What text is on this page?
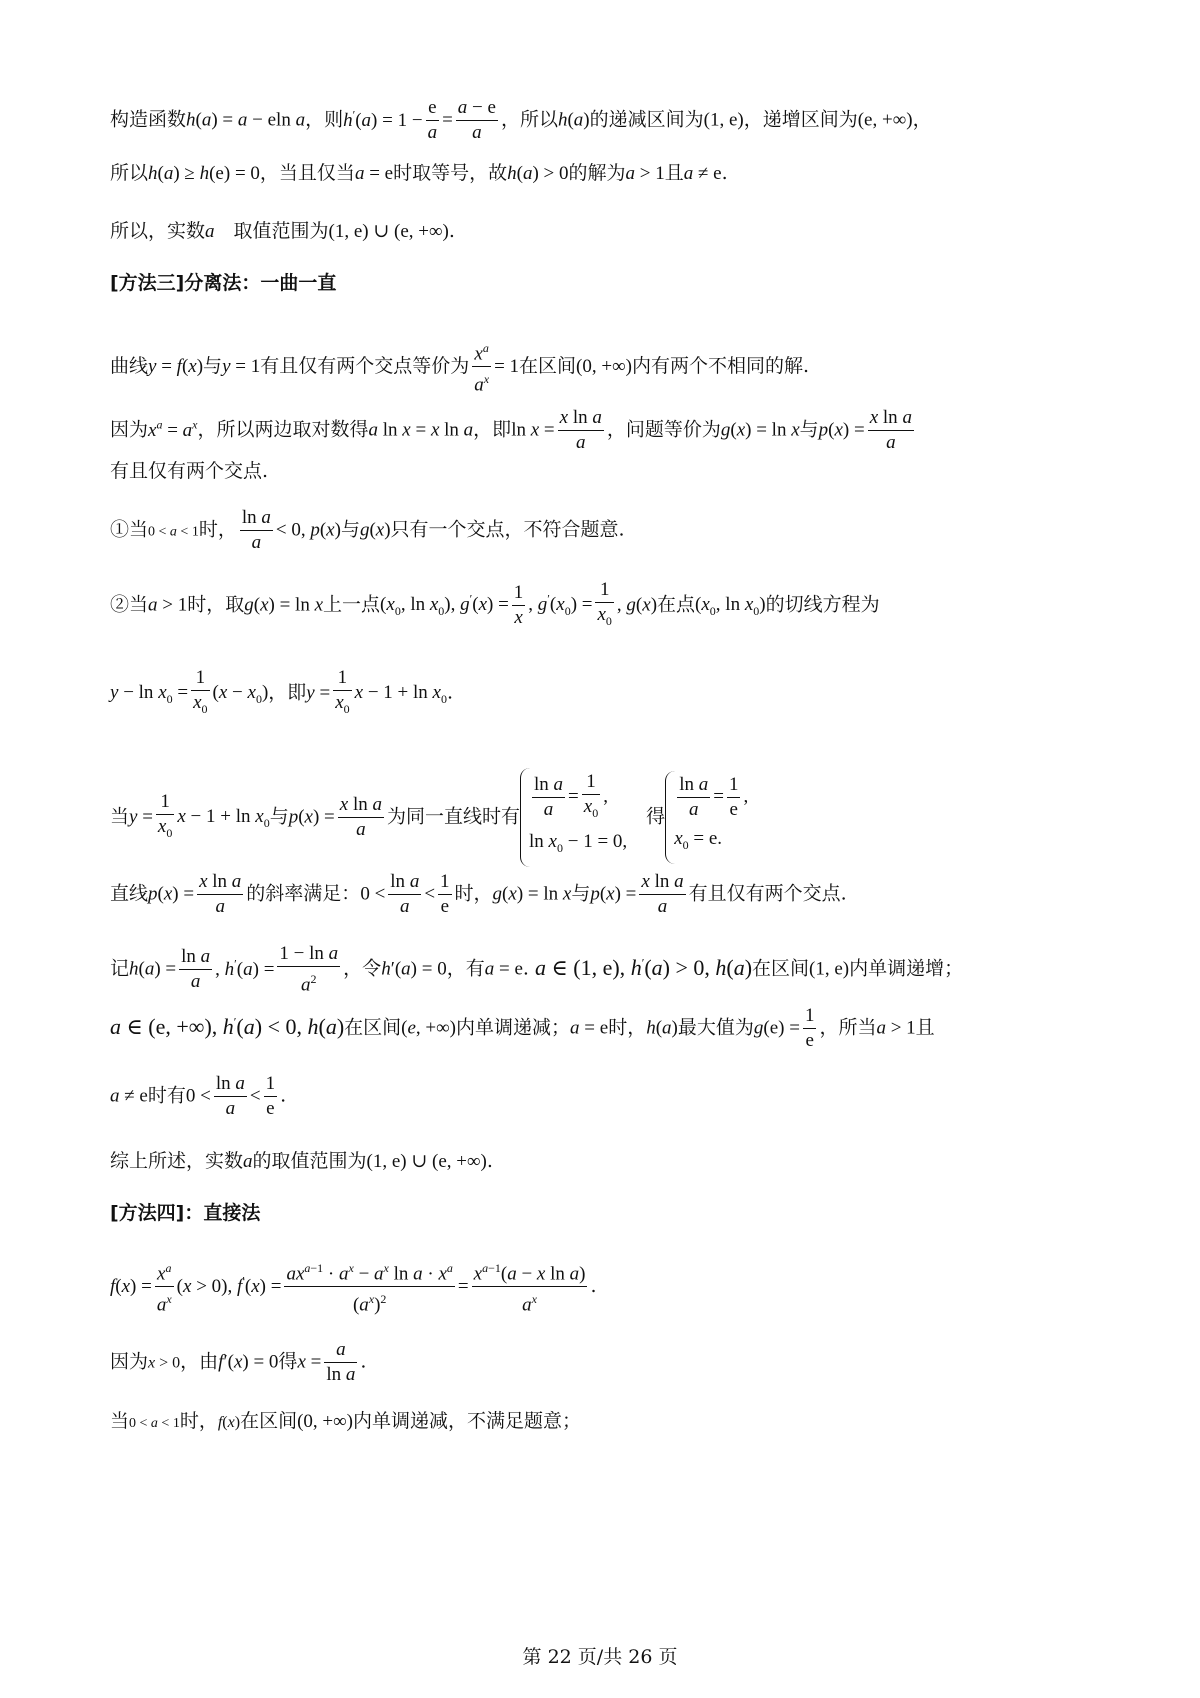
构造函数h(a) = a − eln a，则$h'(a) = 1 - \frac{e}{a} = \frac{a - e}{a}$ ，所以h(a)的递减区间为(1, e)，递增区间为(e, +∞)，
所以h(a) ≥ h(e) = 0，当且仅当a = e时取等号，故h(a) > 0的解为a > 1且a ≠ e.
所以，实数a　取值范围为(1, e) ∪ (e, +∞).
[方法三]分离法：一曲一直
曲线y = f(x)与y = 1有且仅有两个交点等价为 $\frac{x^a}{a^x} = 1$在区间(0, +∞)内有两个不相同的解.
因为$x^a = a^x$，所以两边取对数得a ln x = x ln a，即$\ln x = \frac{\text{x ln a}}{a}$ ，问题等价为g(x) = ln x与$p(x) = \frac{\text{x ln a}}{a}$
有且仅有两个交点.
①当0 < a < 1时， $\frac{\text{ln a}}{a} < 0$, p(x)与g(x)只有一个交点，不符合题意.
②当a > 1时，取g(x) = ln x上一点($x_0$, $\ln x_0$), $g'(x) = \frac{1}{x}$ , $g'(x_0) = \frac{1}{x_0}$ , g(x)在点($x_0$, $\ln x_0$)的切线方程为
$y - \ln x_0 = \frac{1}{x_0} (x - x_0)$，即$y = \frac{1}{x_0}$ $x - 1 + \ln x_0$.
当$y = \frac{1}{x_0}$ $x - 1 + \ln x_0$与$p(x) = \frac{\text{x ln a}}{a}$ 为同一直线时有 $\frac{\text{ln a}}{a} = \frac{1}{x_0}$ ,
$\ln x_0 - 1 = 0$,
　得 $\frac{\text{ln a}}{a} = \frac{1}{e}$ ,
$x_0 = e$.
直线$p(x) = \frac{\text{x ln a}}{a}$ 的斜率满足：$0 < \frac{\text{ln a}}{a} < \frac{1}{e}$ 时，g(x) = ln x与$p(x) = \frac{\text{x ln a}}{a}$ 有且仅有两个交点.
记$h(a) = \frac{\text{ln a}}{a}$ , $h'(a) = \frac{\text{1 − ln a}}{a^2}$ ，令h′(a) = 0，有a = e. a ∈ (1, e), h′(a) > 0, h(a)在区间(1, e)内单调递增；
a ∈ (e, +∞), h′(a) < 0, h(a)在区间(e, +∞)内单调递减；a = e时，h(a)最大值为$g(e) = \frac{1}{e}$ ，所当a > 1且
a ≠ e时有$0 < \frac{\text{ln a}}{a} < \frac{1}{e}$ .
综上所述，实数a的取值范围为(1, e) ∪ (e, +∞).
[方法四]：直接法
$f(x) = \frac{x^a}{a^x} (x > 0)$, $f'(x) = \frac{ax^{a-1} \cdot a^x - a^x \ln a \cdot x^a}{(a^x)^2} = \frac{x^{a-1}(a - x \ln a)}{a^x}$ .
因为x > 0，由f′(x) = 0得$x = \frac{a}{\text{ln a}}$ .
当0 < a < 1时，f(x)在区间(0, +∞)内单调递减，不满足题意；
第 22 页/共 26 页
